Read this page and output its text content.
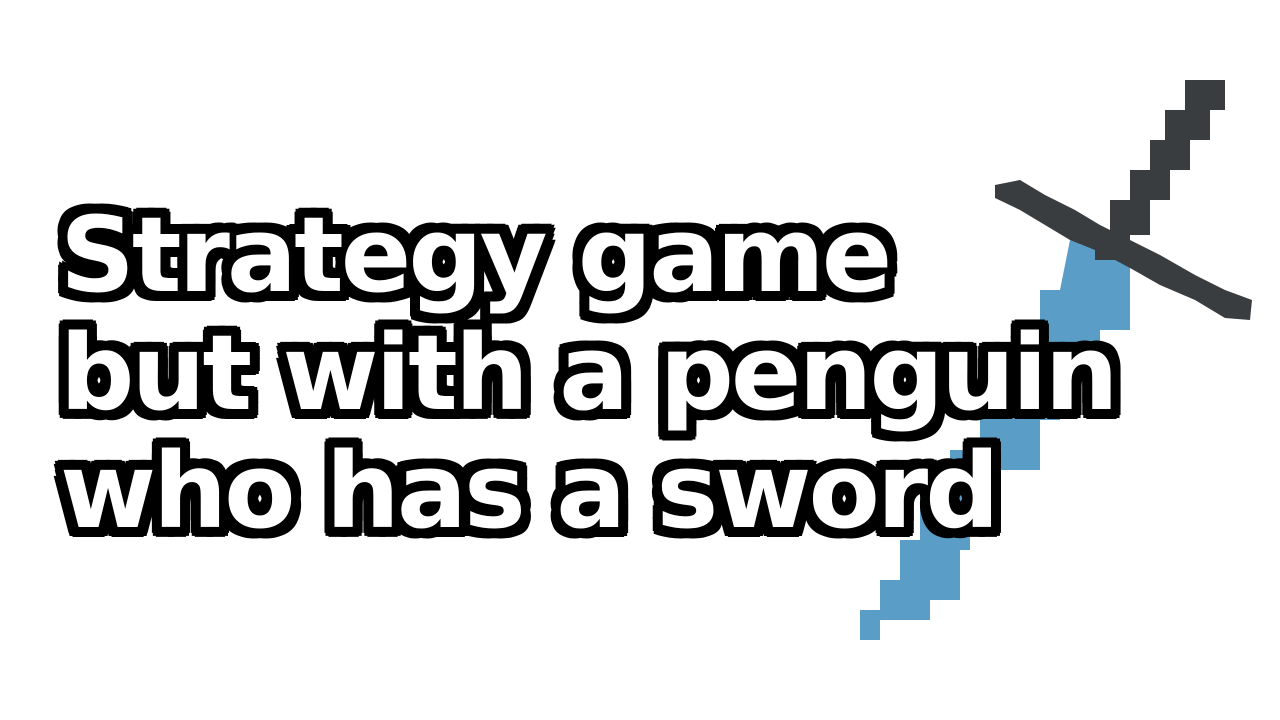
Strategy game
but with a penguin
who has a sword
